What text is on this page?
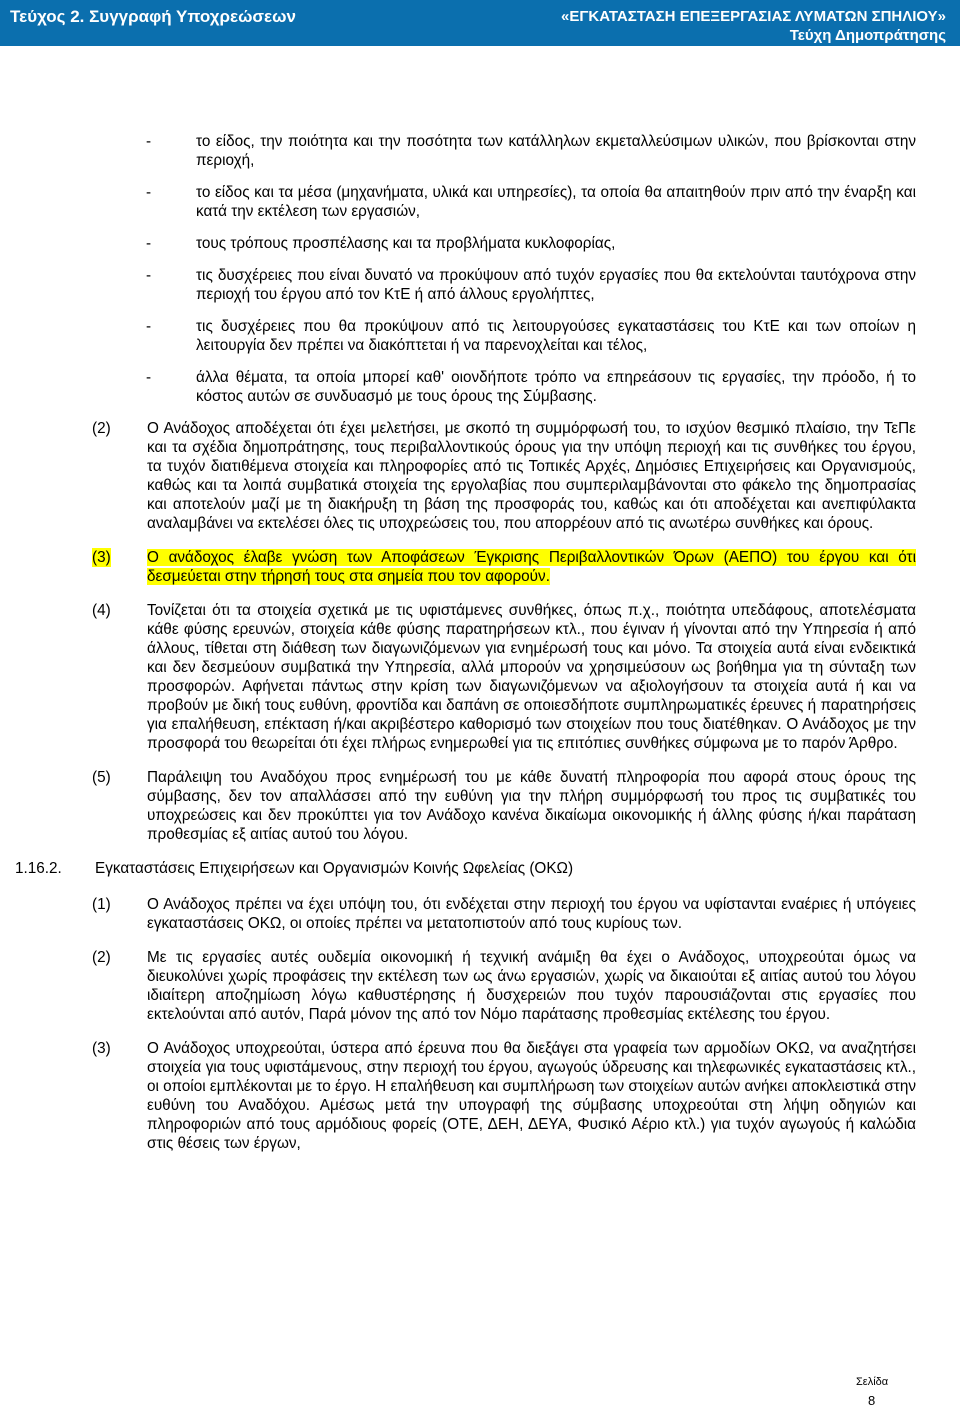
Τεύχος 2. Συγγραφή Υποχρεώσεων	«ΕΓΚΑΤΑΣΤΑΣΗ ΕΠΕΞΕΡΓΑΣΙΑΣ ΛΥΜΑΤΩΝ ΣΠΗΛΙΟΥ»
Τεύχη Δημοπράτησης
-	το είδος, την ποιότητα και την ποσότητα των κατάλληλων εκμεταλλεύσιμων υλικών, που βρίσκονται στην περιοχή,
-	το είδος και τα μέσα (μηχανήματα, υλικά και υπηρεσίες), τα οποία θα απαιτηθούν πριν από την έναρξη και κατά την εκτέλεση των εργασιών,
-	τους τρόπους προσπέλασης και τα προβλήματα κυκλοφορίας,
-	τις δυσχέρειες που είναι δυνατό να προκύψουν από τυχόν εργασίες που θα εκτελούνται ταυτόχρονα στην περιοχή του έργου από τον ΚτΕ ή από άλλους εργολήπτες,
-	τις δυσχέρειες που θα προκύψουν από τις λειτουργούσες εγκαταστάσεις του ΚτΕ και των οποίων η λειτουργία δεν πρέπει να διακόπτεται ή να παρενοχλείται και τέλος,
-	άλλα θέματα, τα οποία μπορεί καθ' οιονδήποτε τρόπο να επηρεάσουν τις εργασίες, την πρόοδο, ή το κόστος αυτών σε συνδυασμό με τους όρους της Σύμβασης.
(2) Ο Ανάδοχος αποδέχεται ότι έχει μελετήσει, με σκοπό τη συμμόρφωσή του, το ισχύον θεσμικό πλαίσιο, την ΤεΠε και τα σχέδια δημοπράτησης, τους περιβαλλοντικούς όρους για την υπόψη περιοχή και τις συνθήκες του έργου, τα τυχόν διατιθέμενα στοιχεία και πληροφορίες από τις Τοπικές Αρχές, Δημόσιες Επιχειρήσεις και Οργανισμούς, καθώς και τα λοιπά συμβατικά στοιχεία της εργολαβίας που συμπεριλαμβάνονται στο φάκελο της δημοπρασίας και αποτελούν μαζί με τη διακήρυξη τη βάση της προσφοράς του, καθώς και ότι αποδέχεται και ανεπιφύλακτα αναλαμβάνει να εκτελέσει όλες τις υποχρεώσεις του, που απορρέουν από τις ανωτέρω συνθήκες και όρους.
(3) Ο ανάδοχος έλαβε γνώση των Αποφάσεων Έγκρισης Περιβαλλοντικών Όρων (ΑΕΠΟ) του έργου και ότι δεσμεύεται στην τήρησή τους στα σημεία που τον αφορούν.
(4) Τονίζεται ότι τα στοιχεία σχετικά με τις υφιστάμενες συνθήκες, όπως π.χ., ποιότητα υπεδάφους, αποτελέσματα κάθε φύσης ερευνών, στοιχεία κάθε φύσης παρατηρήσεων κτλ., που έγιναν ή γίνονται από την Υπηρεσία ή από άλλους, τίθεται στη διάθεση των διαγωνιζόμενων για ενημέρωσή τους και μόνο. Τα στοιχεία αυτά είναι ενδεικτικά και δεν δεσμεύουν συμβατικά την Υπηρεσία, αλλά μπορούν να χρησιμεύσουν ως βοήθημα για τη σύνταξη των προσφορών. Αφήνεται πάντως στην κρίση των διαγωνιζόμενων να αξιολογήσουν τα στοιχεία αυτά ή και να προβούν με δική τους ευθύνη, φροντίδα και δαπάνη σε οποιεσδήποτε συμπληρωματικές έρευνες ή παρατηρήσεις για επαλήθευση, επέκταση ή/και ακριβέστερο καθορισμό των στοιχείων που τους διατέθηκαν. Ο Ανάδοχος με την προσφορά του θεωρείται ότι έχει πλήρως ενημερωθεί για τις επιτόπιες συνθήκες σύμφωνα με το παρόν Άρθρο.
(5) Παράλειψη του Αναδόχου προς ενημέρωσή του με κάθε δυνατή πληροφορία που αφορά στους όρους της σύμβασης, δεν τον απαλλάσσει από την ευθύνη για την πλήρη συμμόρφωσή του προς τις συμβατικές του υποχρεώσεις και δεν προκύπτει για τον Ανάδοχο κανένα δικαίωμα οικονομικής ή άλλης φύσης ή/και παράταση προθεσμίας εξ αιτίας αυτού του λόγου.
1.16.2. Εγκαταστάσεις Επιχειρήσεων και Οργανισμών Κοινής Ωφελείας (ΟΚΩ)
(1) Ο Ανάδοχος πρέπει να έχει υπόψη του, ότι ενδέχεται στην περιοχή του έργου να υφίστανται εναέριες ή υπόγειες εγκαταστάσεις ΟΚΩ, οι οποίες πρέπει να μετατοπιστούν από τους κυρίους των.
(2) Με τις εργασίες αυτές ουδεμία οικονομική ή τεχνική ανάμιξη θα έχει ο Ανάδοχος, υποχρεούται όμως να διευκολύνει χωρίς προφάσεις την εκτέλεση των ως άνω εργασιών, χωρίς να δικαιούται εξ αιτίας αυτού του λόγου ιδιαίτερη αποζημίωση λόγω καθυστέρησης ή δυσχερειών που τυχόν παρουσιάζονται στις εργασίες που εκτελούνται από αυτόν, Παρά μόνον της από τον Νόμο παράτασης προθεσμίας εκτέλεσης του έργου.
(3) Ο Ανάδοχος υποχρεούται, ύστερα από έρευνα που θα διεξάγει στα γραφεία των αρμοδίων ΟΚΩ, να αναζητήσει στοιχεία για τους υφιστάμενους, στην περιοχή του έργου, αγωγούς ύδρευσης και τηλεφωνικές εγκαταστάσεις κτλ., οι οποίοι εμπλέκονται με το έργο. Η επαλήθευση και συμπλήρωση των στοιχείων αυτών ανήκει αποκλειστικά στην ευθύνη του Αναδόχου. Αμέσως μετά την υπογραφή της σύμβασης υποχρεούται στη λήψη οδηγιών και πληροφοριών από τους αρμόδιους φορείς (ΟΤΕ, ΔΕΗ, ΔΕΥΑ, Φυσικό Αέριο κτλ.) για τυχόν αγωγούς ή καλώδια στις θέσεις των έργων,
Σελίδα
8
